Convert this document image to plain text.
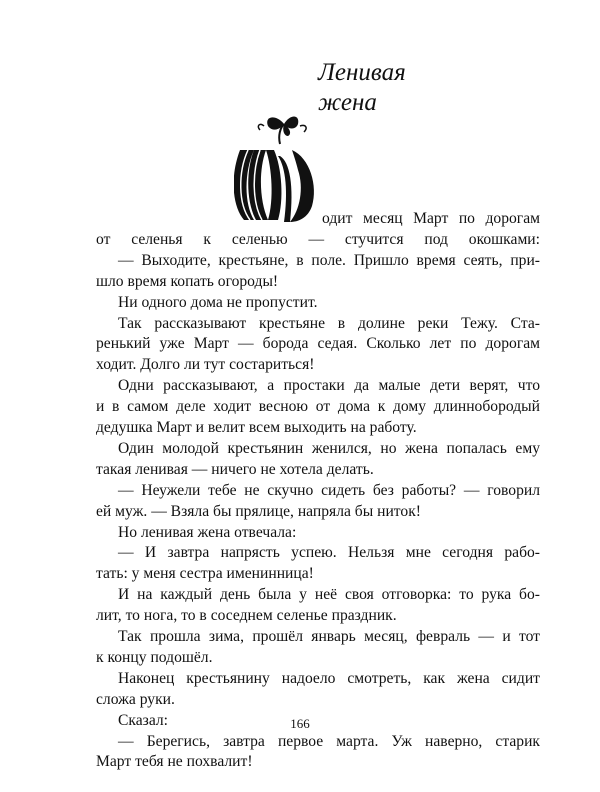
Ленивая
жена
одит месяц Март по дорогам
от селенья к селенью — стучится под окошками:
— Выходите, крестьяне, в поле. Пришло время сеять, при-
шло время копать огороды!
Ни одного дома не пропустит.
Так рассказывают крестьяне в долине реки Тежу. Ста-
ренький уже Март — борода седая. Сколько лет по дорогам
ходит. Долго ли тут состариться!
Одни рассказывают, а простаки да малые дети верят, что
и в самом деле ходит весною от дома к дому длиннобородый
дедушка Март и велит всем выходить на работу.
Один молодой крестьянин женился, но жена попалась ему
такая ленивая — ничего не хотела делать.
— Неужели тебе не скучно сидеть без работы? — говорил
ей муж. — Взяла бы прялице, напряла бы ниток!
Но ленивая жена отвечала:
— И завтра напрясть успею. Нельзя мне сегодня рабо-
тать: у меня сестра именинница!
И на каждый день была у неё своя отговорка: то рука бо-
лит, то нога, то в соседнем селенье праздник.
Так прошла зима, прошёл январь месяц, февраль — и тот
к концу подошёл.
Наконец крестьянину надоело смотреть, как жена сидит
сложа руки.
Сказал:
— Берегись, завтра первое марта. Уж наверно, старик
Март тебя не похвалит!
166
